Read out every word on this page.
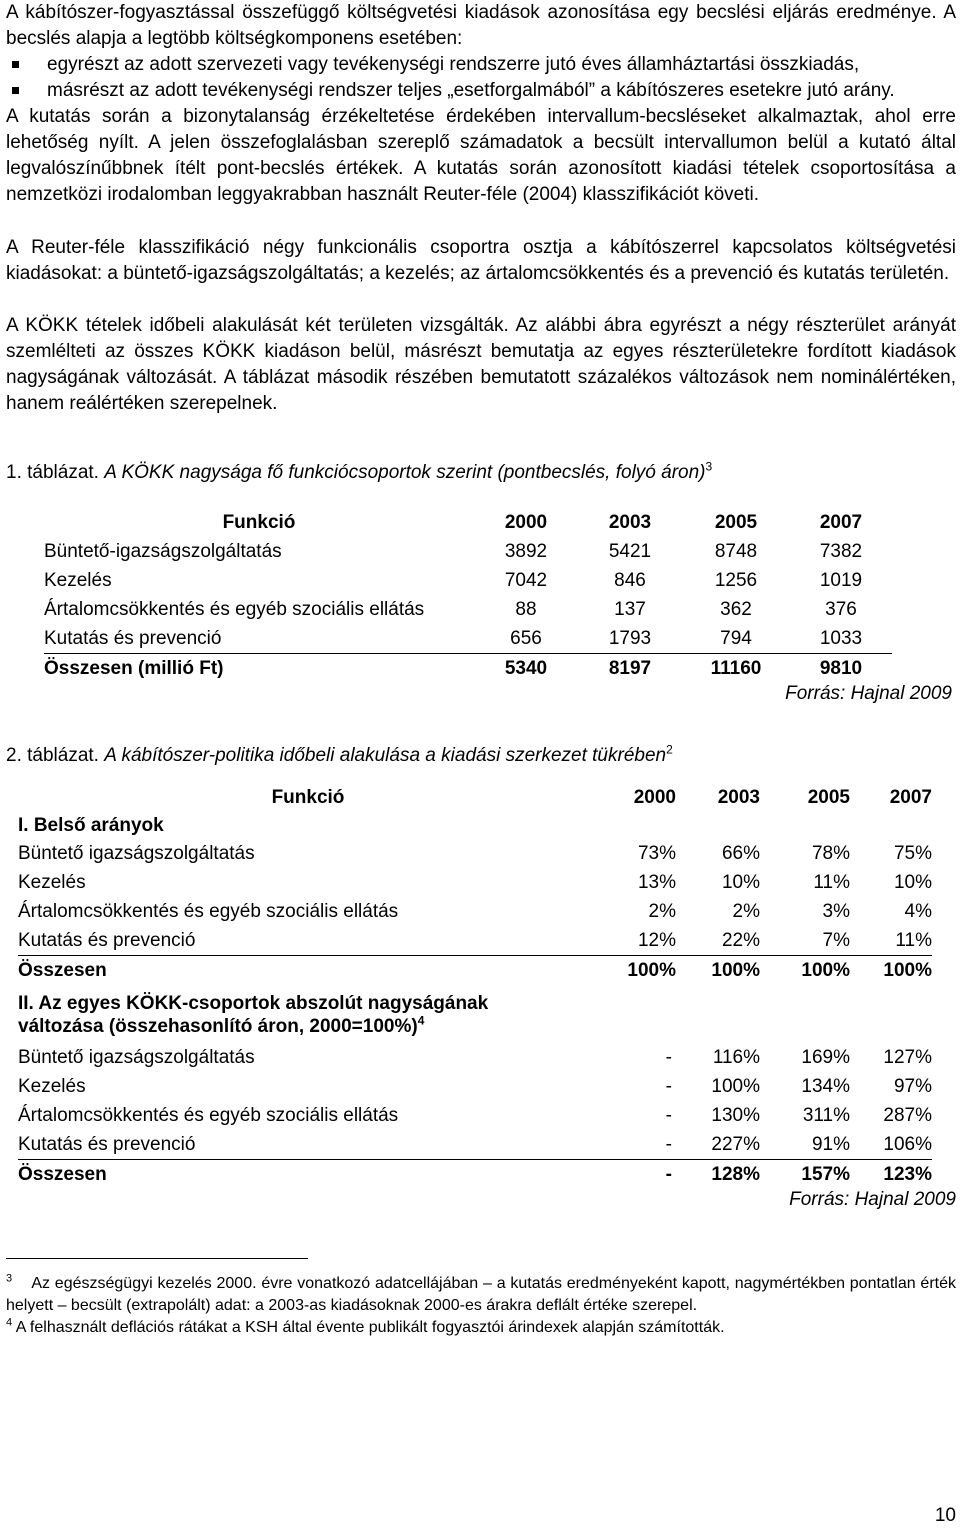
A kábítószer-fogyasztással összefüggő költségvetési kiadások azonosítása egy becslési eljárás eredménye. A becslés alapja a legtöbb költségkomponens esetében:

egyrészt az adott szervezeti vagy tevékenységi rendszerre jutó éves államháztartási összkiadás,
másrészt az adott tevékenységi rendszer teljes „esetforgalmából” a kábítószeres esetekre jutó arány.

A kutatás során a bizonytalanság érzékeltetése érdekében intervallum-becsléseket alkalmaztak, ahol erre lehetőség nyílt. A jelen összefoglalásban szereplő számadatok a becsült intervallumon belül a kutató által legvalószínűbbnek ítélt pont-becslés értékek. A kutatás során azonosított kiadási tételek csoportosítása a nemzetközi irodalomban leggyakrabban használt Reuter-féle (2004) klasszifikációt követi.

A Reuter-féle klasszifikáció négy funkcionális csoportra osztja a kábítószerrel kapcsolatos költségvetési kiadásokat: a büntető-igazságszolgáltatás; a kezelés; az ártalomcsökkentés és a prevenció és kutatás területén.

A KÖKK tételek időbeli alakulását két területen vizsgálták. Az alábbi ábra egyrészt a négy részterület arányát szemlélteti az összes KÖKK kiadáson belül, másrészt bemutatja az egyes részterületekre fordított kiadások nagyságának változását. A táblázat második részében bemutatott százalékos változások nem nominálértéken, hanem reálértéken szerepelnek.

1. táblázat. A KÖKK nagysága fő funkciócsoportok szerint (pontbecslés, folyó áron)$^3$

Funkció	2000	2003	2005	2007
Büntető-igazságszolgáltatás	3892	5421	8748	7382
Kezelés	7042	846	1256	1019
Ártalomcsökkentés és egyéb szociális ellátás	88	137	362	376
Kutatás és prevenció	656	1793	794	1033
Összesen (millió Ft)	5340	8197	11160	9810

Forrás: Hajnal 2009

2. táblázat. A kábítószer-politika időbeli alakulása a kiadási szerkezet tükrében$^2$

Funkció	2000	2003	2005	2007
I. Belső arányok				
Büntető igazságszolgáltatás	73%	66%	78%	75%
Kezelés	13%	10%	11%	10%
Ártalomcsökkentés és egyéb szociális ellátás	2%	2%	3%	4%
Kutatás és prevenció	12%	22%	7%	11%
Összesen	100%	100%	100%	100%

II. Az egyes KÖKK-csoportok abszolút nagyságának
változása (összehasonlító áron, 2000=100%)$^4$

Büntető igazságszolgáltatás	-	116%	169%	127%
Kezelés	-	100%	134%	97%
Ártalomcsökkentés és egyéb szociális ellátás	-	130%	311%	287%
Kutatás és prevenció	-	227%	91%	106%
Összesen	-	128%	157%	123%

Forrás: Hajnal 2009

$^3$ Az egészségügyi kezelés 2000. évre vonatkozó adatcellájában – a kutatás eredményeként kapott, nagymértékben pontatlan érték helyett – becsült (extrapolált) adat: a 2003-as kiadásoknak 2000-es árakra deflált értéke szerepel.

$^4$ A felhasznált deflációs rátákat a KSH által évente publikált fogyasztói árindexek alapján számították.

10
